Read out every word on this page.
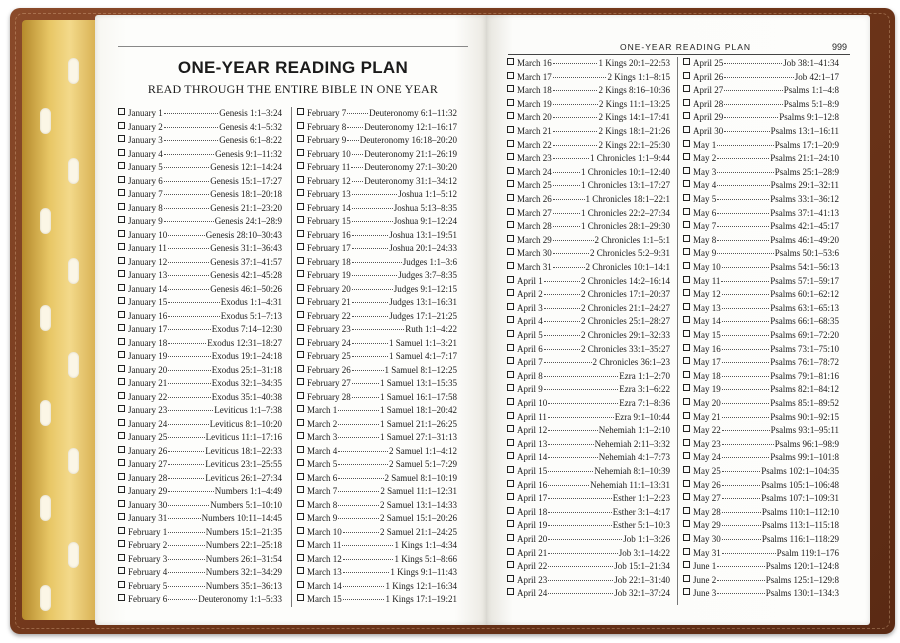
ONE-YEAR READING PLAN
READ THROUGH THE ENTIRE BIBLE IN ONE YEAR
ONE-YEAR READING PLAN	999
January 1	Genesis 1:1–3:24
January 2	Genesis 4:1–5:32
January 3	Genesis 6:1–8:22
January 4	Genesis 9:1–11:32
January 5	Genesis 12:1–14:24
January 6	Genesis 15:1–17:27
January 7	Genesis 18:1–20:18
January 8	Genesis 21:1–23:20
January 9	Genesis 24:1–28:9
January 10	Genesis 28:10–30:43
January 11	Genesis 31:1–36:43
January 12	Genesis 37:1–41:57
January 13	Genesis 42:1–45:28
January 14	Genesis 46:1–50:26
January 15	Exodus 1:1–4:31
January 16	Exodus 5:1–7:13
January 17	Exodus 7:14–12:30
January 18	Exodus 12:31–18:27
January 19	Exodus 19:1–24:18
January 20	Exodus 25:1–31:18
January 21	Exodus 32:1–34:35
January 22	Exodus 35:1–40:38
January 23	Leviticus 1:1–7:38
January 24	Leviticus 8:1–10:20
January 25	Leviticus 11:1–17:16
January 26	Leviticus 18:1–22:33
January 27	Leviticus 23:1–25:55
January 28	Leviticus 26:1–27:34
January 29	Numbers 1:1–4:49
January 30	Numbers 5:1–10:10
January 31	Numbers 10:11–14:45
February 1	Numbers 15:1–21:35
February 2	Numbers 22:1–25:18
February 3	Numbers 26:1–31:54
February 4	Numbers 32:1–34:29
February 5	Numbers 35:1–36:13
February 6	Deuteronomy 1:1–5:33
February 7	Deuteronomy 6:1–11:32
February 8 Deuteronomy 12:1–16:17
February 9 Deuteronomy 16:18–20:20
February 10 Deuteronomy 21:1–26:19
February 11 Deuteronomy 27:1–30:20
February 12 Deuteronomy 31:1–34:12
February 13	Joshua 1:1–5:12
February 14	Joshua 5:13–8:35
February 15	Joshua 9:1–12:24
February 16	Joshua 13:1–19:51
February 17	Joshua 20:1–24:33
February 18	Judges 1:1–3:6
February 19	Judges 3:7–8:35
February 20	Judges 9:1–12:15
February 21	Judges 13:1–16:31
February 22	Judges 17:1–21:25
February 23	Ruth 1:1–4:22
February 24	1 Samuel 1:1–3:21
February 25	1 Samuel 4:1–7:17
February 26	1 Samuel 8:1–12:25
February 27	1 Samuel 13:1–15:35
February 28	1 Samuel 16:1–17:58
March 1	1 Samuel 18:1–20:42
March 2	1 Samuel 21:1–26:25
March 3	1 Samuel 27:1–31:13
March 4	2 Samuel 1:1–4:12
March 5	2 Samuel 5:1–7:29
March 6	2 Samuel 8:1–10:19
March 7	2 Samuel 11:1–12:31
March 8	2 Samuel 13:1–14:33
March 9	2 Samuel 15:1–20:26
March 10	2 Samuel 21:1–24:25
March 11	1 Kings 1:1–4:34
March 12	1 Kings 5:1–8:66
March 13	1 Kings 9:1–11:43
March 14	1 Kings 12:1–16:34
March 15	1 Kings 17:1–19:21
March 16	1 Kings 20:1–22:53
March 17	2 Kings 1:1–8:15
March 18	2 Kings 8:16–10:36
March 19	2 Kings 11:1–13:25
March 20	2 Kings 14:1–17:41
March 21	2 Kings 18:1–21:26
March 22	2 Kings 22:1–25:30
March 23	1 Chronicles 1:1–9:44
March 24	1 Chronicles 10:1–12:40
March 25	1 Chronicles 13:1–17:27
March 26	1 Chronicles 18:1–22:1
March 27	1 Chronicles 22:2–27:34
March 28	1 Chronicles 28:1–29:30
March 29	2 Chronicles 1:1–5:1
March 30	2 Chronicles 5:2–9:31
March 31	2 Chronicles 10:1–14:1
April 1	2 Chronicles 14:2–16:14
April 2	2 Chronicles 17:1–20:37
April 3	2 Chronicles 21:1–24:27
April 4	2 Chronicles 25:1–28:27
April 5	2 Chronicles 29:1–32:33
April 6	2 Chronicles 33:1–35:27
April 7	2 Chronicles 36:1–23
April 8	Ezra 1:1–2:70
April 9	Ezra 3:1–6:22
April 10	Ezra 7:1–8:36
April 11	Ezra 9:1–10:44
April 12	Nehemiah 1:1–2:10
April 13	Nehemiah 2:11–3:32
April 14	Nehemiah 4:1–7:73
April 15	Nehemiah 8:1–10:39
April 16	Nehemiah 11:1–13:31
April 17	Esther 1:1–2:23
April 18	Esther 3:1–4:17
April 19	Esther 5:1–10:3
April 20	Job 1:1–3:26
April 21	Job 3:1–14:22
April 22	Job 15:1–21:34
April 23	Job 22:1–31:40
April 24	Job 32:1–37:24
April 25	Job 38:1–41:34
April 26	Job 42:1–17
April 27	Psalms 1:1–4:8
April 28	Psalms 5:1–8:9
April 29	Psalms 9:1–12:8
April 30	Psalms 13:1–16:11
May 1	Psalms 17:1–20:9
May 2	Psalms 21:1–24:10
May 3	Psalms 25:1–28:9
May 4	Psalms 29:1–32:11
May 5	Psalms 33:1–36:12
May 6	Psalms 37:1–41:13
May 7	Psalms 42:1–45:17
May 8	Psalms 46:1–49:20
May 9	Psalms 50:1–53:6
May 10	Psalms 54:1–56:13
May 11	Psalms 57:1–59:17
May 12	Psalms 60:1–62:12
May 13	Psalms 63:1–65:13
May 14	Psalms 66:1–68:35
May 15	Psalms 69:1–72:20
May 16	Psalms 73:1–75:10
May 17	Psalms 76:1–78:72
May 18	Psalms 79:1–81:16
May 19	Psalms 82:1–84:12
May 20	Psalms 85:1–89:52
May 21	Psalms 90:1–92:15
May 22	Psalms 93:1–95:11
May 23	Psalms 96:1–98:9
May 24	Psalms 99:1–101:8
May 25	Psalms 102:1–104:35
May 26	Psalms 105:1–106:48
May 27	Psalms 107:1–109:31
May 28	Psalms 110:1–112:10
May 29	Psalms 113:1–115:18
May 30	Psalms 116:1–118:29
May 31	Psalm 119:1–176
June 1	Psalms 120:1–124:8
June 2	Psalms 125:1–129:8
June 3	Psalms 130:1–134:3
